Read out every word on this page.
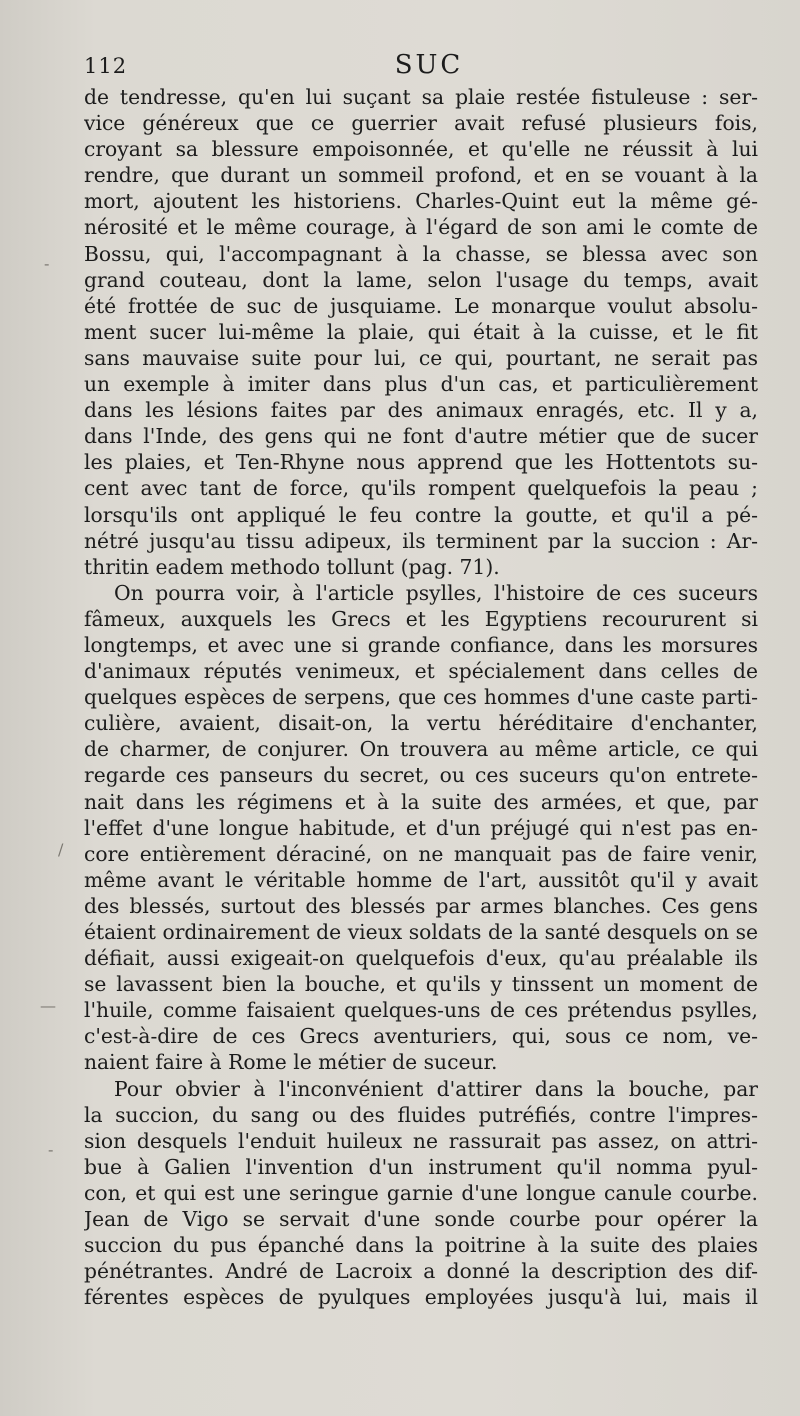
-
/
—
-
112	SUC
de tendresse, qu'en lui suçant sa plaie restée fistuleuse : ser-
vice généreux que ce guerrier avait refusé plusieurs fois,
croyant sa blessure empoisonnée, et qu'elle ne réussit à lui
rendre, que durant un sommeil profond, et en se vouant à la
mort, ajoutent les historiens. Charles-Quint eut la même gé-
nérosité et le même courage, à l'égard de son ami le comte de
Bossu, qui, l'accompagnant à la chasse, se blessa avec son
grand couteau, dont la lame, selon l'usage du temps, avait
été frottée de suc de jusquiame. Le monarque voulut absolu-
ment sucer lui-même la plaie, qui était à la cuisse, et le fit
sans mauvaise suite pour lui, ce qui, pourtant, ne serait pas
un exemple à imiter dans plus d'un cas, et particulièrement
dans les lésions faites par des animaux enragés, etc. Il y a,
dans l'Inde, des gens qui ne font d'autre métier que de sucer
les plaies, et Ten-Rhyne nous apprend que les Hottentots su-
cent avec tant de force, qu'ils rompent quelquefois la peau ;
lorsqu'ils ont appliqué le feu contre la goutte, et qu'il a pé-
nétré jusqu'au tissu adipeux, ils terminent par la succion : Ar-
thritin eadem methodo tollunt (pag. 71).
On pourra voir, à l'article psylles, l'histoire de ces suceurs
fâmeux, auxquels les Grecs et les Egyptiens recoururent si
longtemps, et avec une si grande confiance, dans les morsures
d'animaux réputés venimeux, et spécialement dans celles de
quelques espèces de serpens, que ces hommes d'une caste parti-
culière, avaient, disait-on, la vertu héréditaire d'enchanter,
de charmer, de conjurer. On trouvera au même article, ce qui
regarde ces panseurs du secret, ou ces suceurs qu'on entrete-
nait dans les régimens et à la suite des armées, et que, par
l'effet d'une longue habitude, et d'un préjugé qui n'est pas en-
core entièrement déraciné, on ne manquait pas de faire venir,
même avant le véritable homme de l'art, aussitôt qu'il y avait
des blessés, surtout des blessés par armes blanches. Ces gens
étaient ordinairement de vieux soldats de la santé desquels on se
défiait, aussi exigeait-on quelquefois d'eux, qu'au préalable ils
se lavassent bien la bouche, et qu'ils y tinssent un moment de
l'huile, comme faisaient quelques-uns de ces prétendus psylles,
c'est-à-dire de ces Grecs aventuriers, qui, sous ce nom, ve-
naient faire à Rome le métier de suceur.
Pour obvier à l'inconvénient d'attirer dans la bouche, par
la succion, du sang ou des fluides putréfiés, contre l'impres-
sion desquels l'enduit huileux ne rassurait pas assez, on attri-
bue à Galien l'invention d'un instrument qu'il nomma pyul-
con, et qui est une seringue garnie d'une longue canule courbe.
Jean de Vigo se servait d'une sonde courbe pour opérer la
succion du pus épanché dans la poitrine à la suite des plaies
pénétrantes. André de Lacroix a donné la description des dif-
férentes espèces de pyulques employées jusqu'à lui, mais il
